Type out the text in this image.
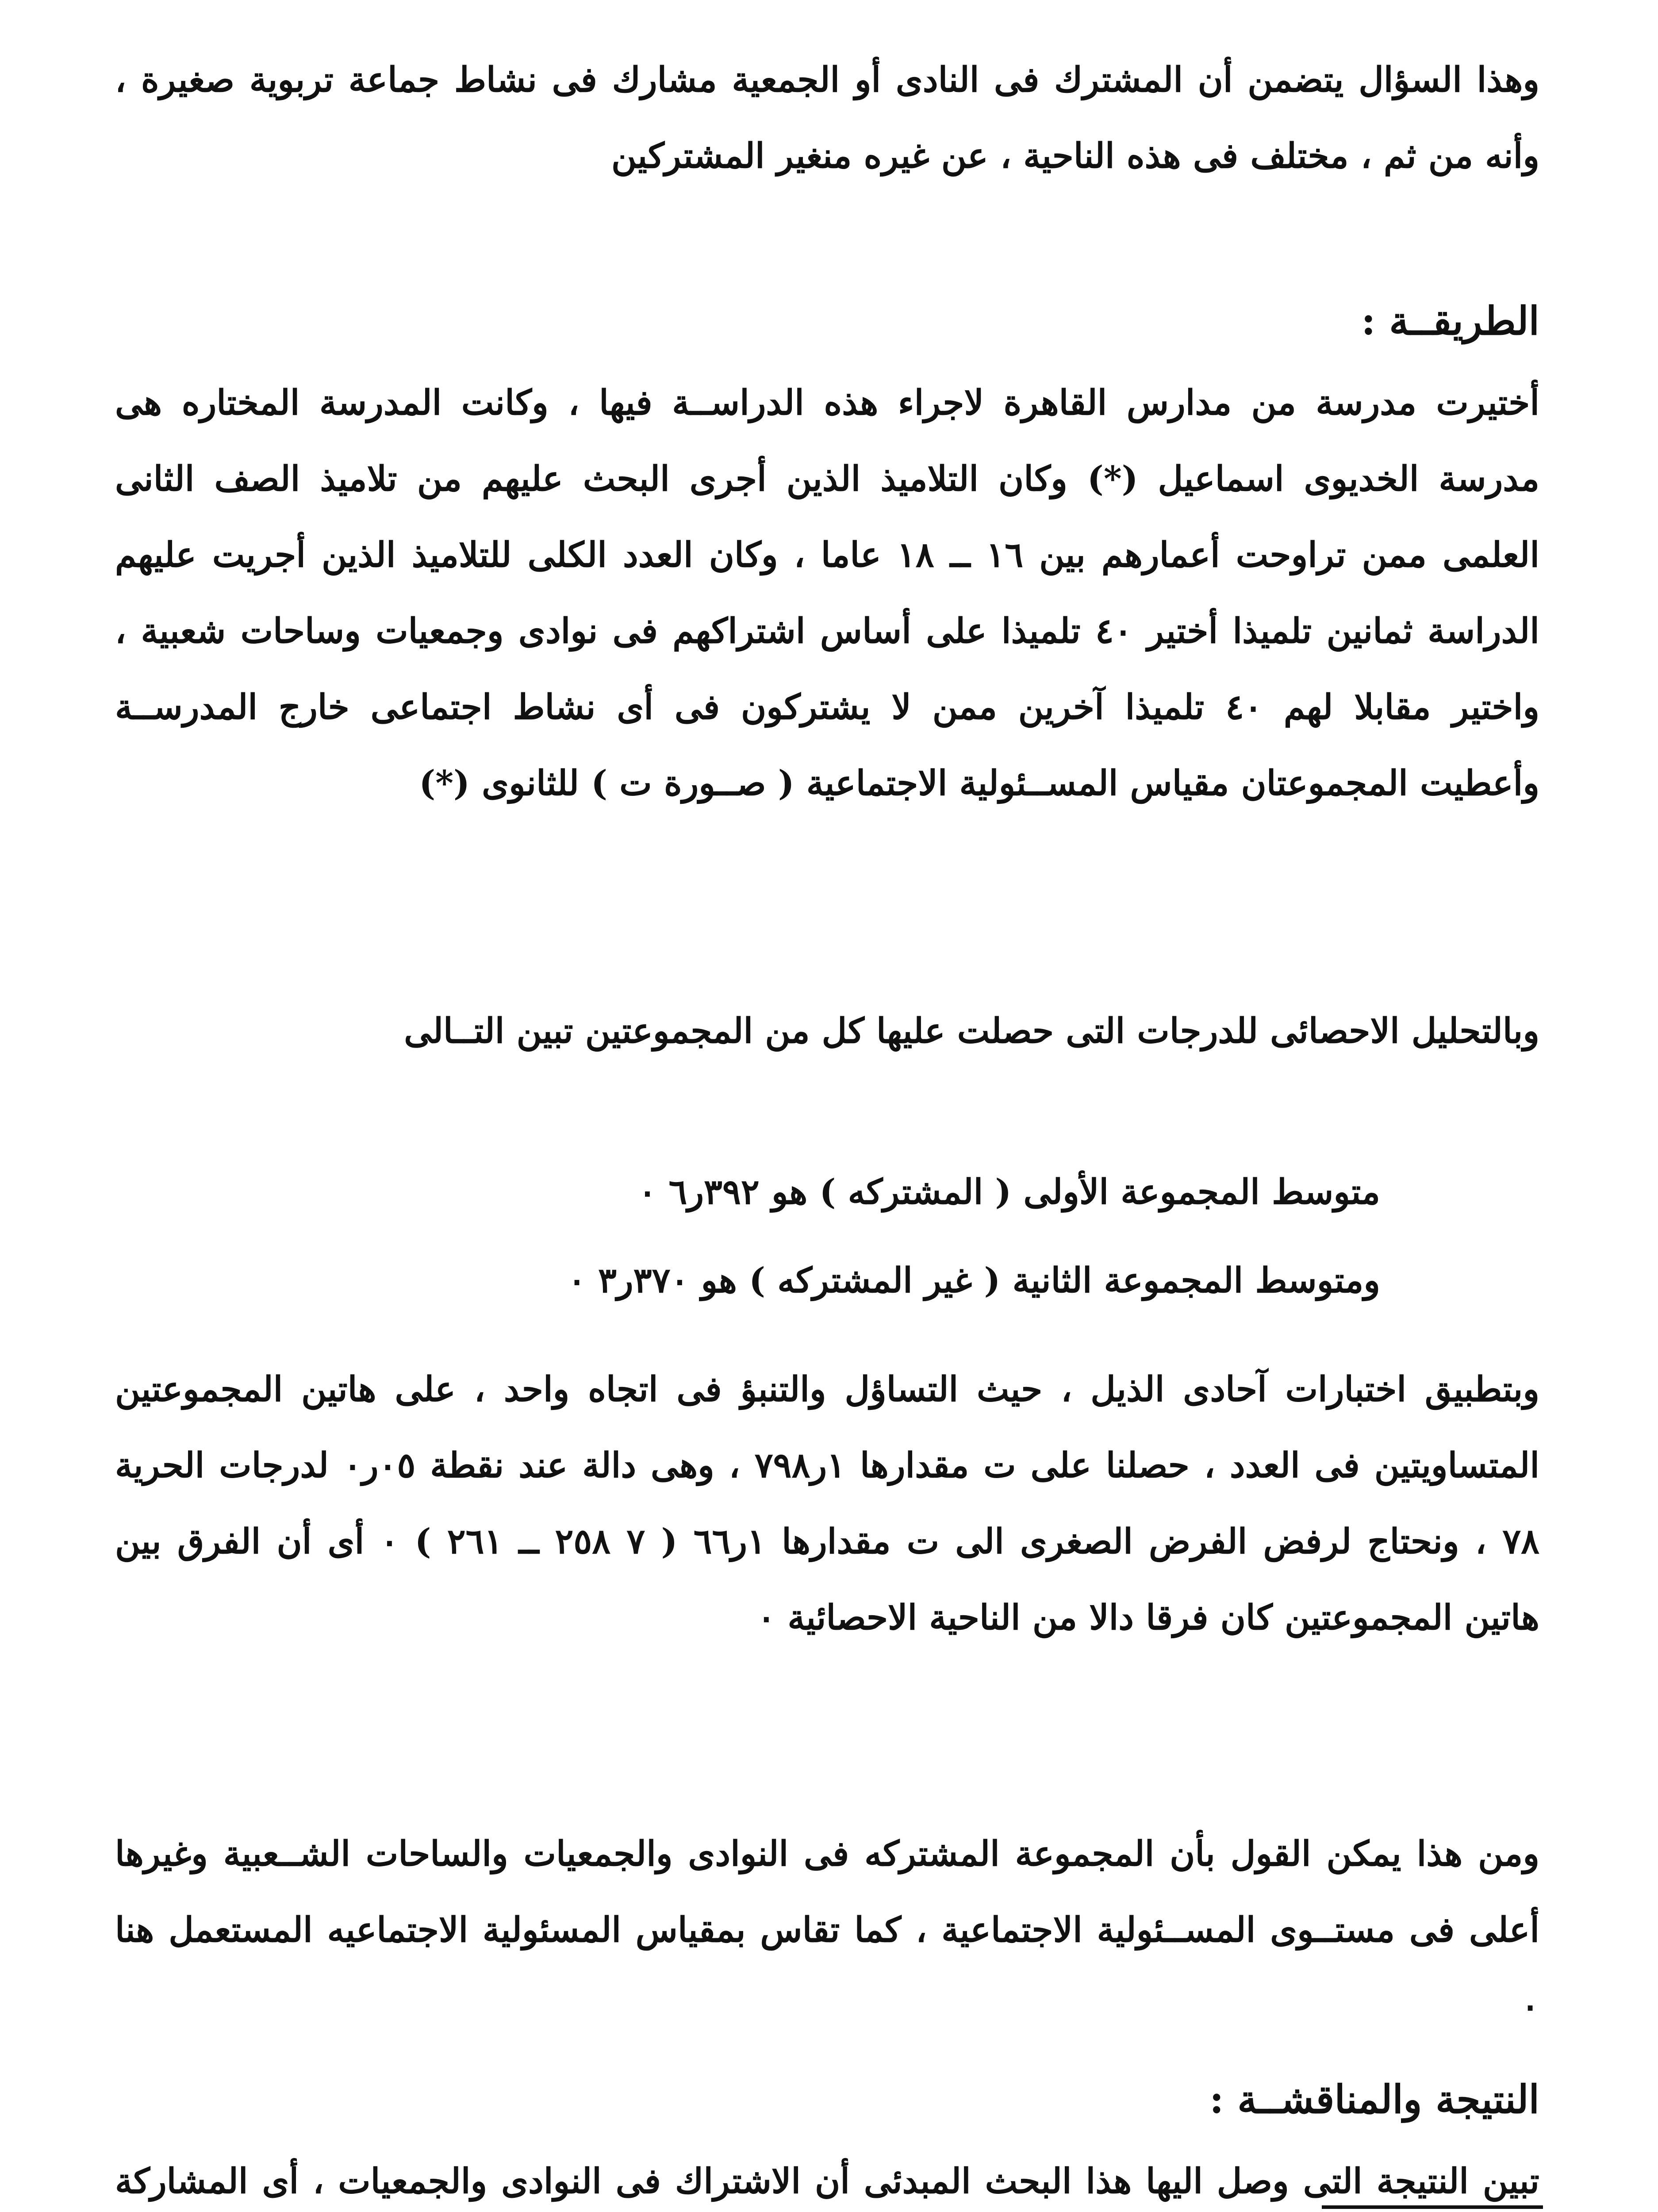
وهذا السؤال يتضمن أن المشترك فى النادى أو الجمعية مشارك فى نشاط جماعة تربوية صغيرة ، وأنه من ثم ، مختلف فى هذه الناحية ، عن غيره منغير المشتركين

الطريقــة :

أختيرت مدرسة من مدارس القاهرة لاجراء هذه الدراســة فيها ، وكانت المدرسة المختاره هى مدرسة الخديوى اسماعيل (*) وكان التلاميذ الذين أجرى البحث عليهم من تلاميذ الصف الثانى العلمى ممن تراوحت أعمارهم بين ١٦ ــ ١٨ عاما ، وكان العدد الكلى للتلاميذ الذين أجريت عليهم الدراسة ثمانين تلميذا أختير ٤٠ تلميذا على أساس اشتراكهم فى نوادى وجمعيات وساحات شعبية ، واختير مقابلا لهم ٤٠ تلميذا آخرين ممن لا يشتركون فى أى نشاط اجتماعى خارج المدرســة وأعطيت المجموعتان مقياس المســئولية الاجتماعية ( صــورة ت ) للثانوى (*)

وبالتحليل الاحصائى للدرجات التى حصلت عليها كل من المجموعتين تبين التــالى

متوسط المجموعة الأولى ( المشتركه ) هو ٣٩٢ر٦ ٠

ومتوسط المجموعة الثانية ( غير المشتركه ) هو ٣٧٠ر٣ ٠

وبتطبيق اختبارات آحادى الذيل ، حيث التساؤل والتنبؤ فى اتجاه واحد ، على هاتين المجموعتين المتساويتين فى العدد ، حصلنا على ت مقدارها ١ر٧٩٨ ، وهى دالة عند نقطة ٠٥ر٠ لدرجات الحرية ٧٨ ، ونحتاج لرفض الفرض الصغرى الى ت مقدارها ١ر٦٦ ( ٧ ٢٥٨ ــ ٢٦١ ) ٠ أى أن الفرق بين هاتين المجموعتين كان فرقا دالا من الناحية الاحصائية ٠

ومن هذا يمكن القول بأن المجموعة المشتركه فى النوادى والجمعيات والساحات الشــعبية وغيرها أعلى فى مستــوى المســئولية الاجتماعية ، كما تقاس بمقياس المسئولية الاجتماعيه المستعمل هنا ٠

النتيجة والمناقشــة :

تبين النتيجة التى وصل اليها هذا البحث المبدئى أن الاشتراك فى النوادى والجمعيات ، أى المشاركة
